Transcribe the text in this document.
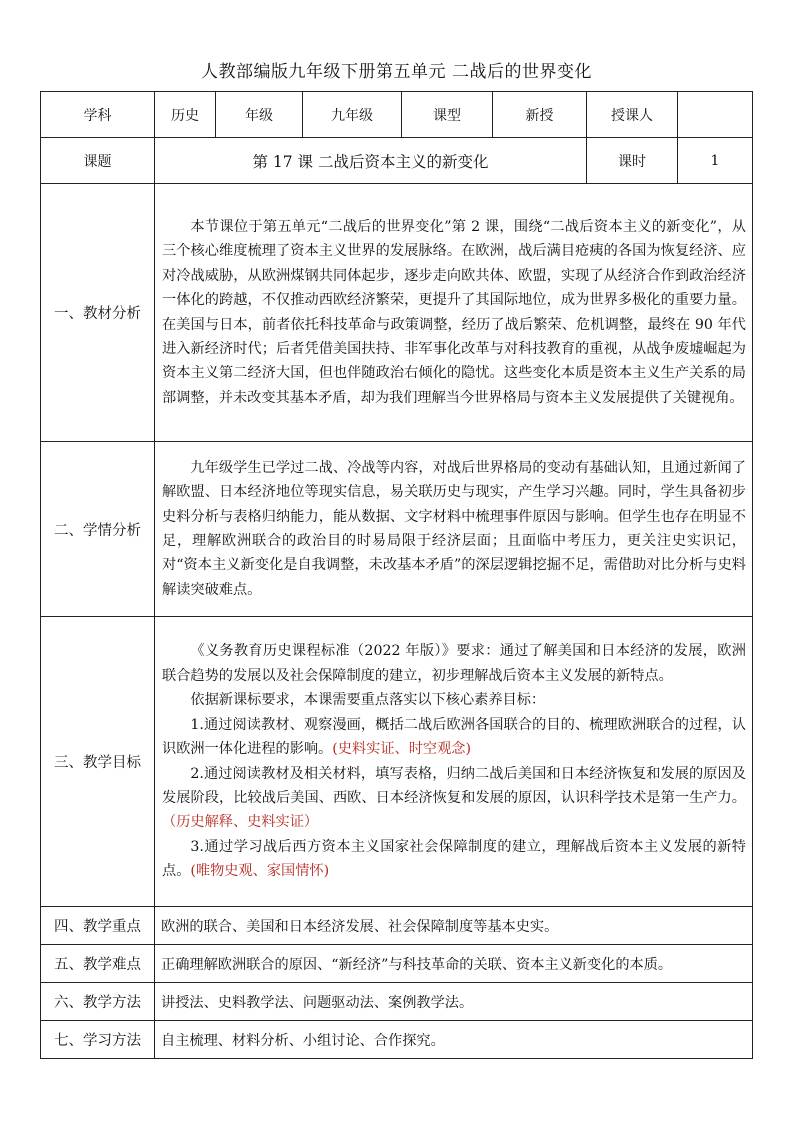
人教部编版九年级下册第五单元 二战后的世界变化
学科	历史	年级	九年级	课型	新授	授课人	
课题	第 17 课 二战后资本主义的新变化					课时	1
一、教材分析	本节课位于第五单元“二战后的世界变化”第 2 课，围绕“二战后资本主义的新变化”，从三个核心维度梳理了资本主义世界的发展脉络。在欧洲，战后满目疮痍的各国为恢复经济、应对冷战威胁，从欧洲煤钢共同体起步，逐步走向欧共体、欧盟，实现了从经济合作到政治经济一体化的跨越，不仅推动西欧经济繁荣，更提升了其国际地位，成为世界多极化的重要力量。在美国与日本，前者依托科技革命与政策调整，经历了战后繁荣、危机调整，最终在 90 年代进入新经济时代；后者凭借美国扶持、非军事化改革与对科技教育的重视，从战争废墟崛起为资本主义第二经济大国，但也伴随政治右倾化的隐忧。这些变化本质是资本主义生产关系的局部调整，并未改变其基本矛盾，却为我们理解当今世界格局与资本主义发展提供了关键视角。						

二、学情分析	九年级学生已学过二战、冷战等内容，对战后世界格局的变动有基础认知，且通过新闻了解欧盟、日本经济地位等现实信息，易关联历史与现实，产生学习兴趣。同时，学生具备初步史料分析与表格归纳能力，能从数据、文字材料中梳理事件原因与影响。但学生也存在明显不足，理解欧洲联合的政治目的时易局限于经济层面；且面临中考压力，更关注史实识记，对“资本主义新变化是自我调整，未改基本矛盾”的深层逻辑挖掘不足，需借助对比分析与史料解读突破难点。						

三、教学目标	《义务教育历史课程标准（2022 年版）》要求：通过了解美国和日本经济的发展，欧洲联合趋势的发展以及社会保障制度的建立，初步理解战后资本主义发展的新特点。

依据新课标要求，本课需要重点落实以下核心素养目标：

1.通过阅读教材、观察漫画，概括二战后欧洲各国联合的目的、梳理欧洲联合的过程，认识欧洲一体化进程的影响。(史料实证、时空观念)

2.通过阅读教材及相关材料，填写表格，归纳二战后美国和日本经济恢复和发展的原因及发展阶段，比较战后美国、西欧、日本经济恢复和发展的原因，认识科学技术是第一生产力。（历史解释、史料实证）

3.通过学习战后西方资本主义国家社会保障制度的建立，理解战后资本主义发展的新特点。(唯物史观、家国情怀)						

四、教学重点	欧洲的联合、美国和日本经济发展、社会保障制度等基本史实。						
五、教学难点	正确理解欧洲联合的原因、“新经济”与科技革命的关联、资本主义新变化的本质。						
六、教学方法	讲授法、史料教学法、问题驱动法、案例教学法。						
七、学习方法	自主梳理、材料分析、小组讨论、合作探究。						
